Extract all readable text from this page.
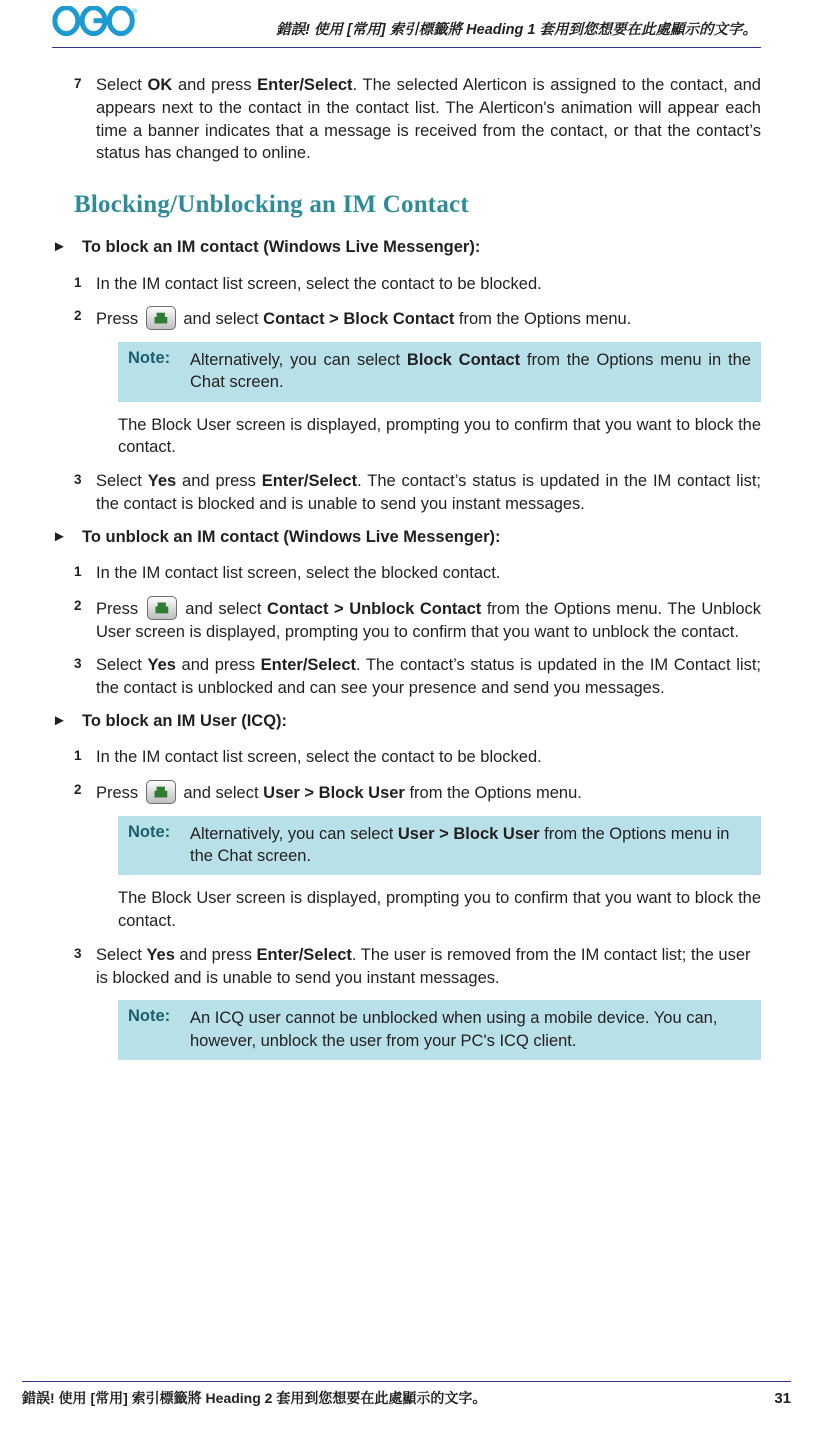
®
錯誤! 使用 [常用] 索引標籤將 Heading 1 套用到您想要在此處顯示的文字。
7 Select OK and press Enter/Select. The selected Alerticon is assigned to the contact, and appears next to the contact in the contact list. The Alerticon's animation will appear each time a banner indicates that a message is received from the contact, or that the contact’s status has changed to online.
Blocking/Unblocking an IM Contact
► To block an IM contact (Windows Live Messenger):
1 In the IM contact list screen, select the contact to be blocked.
2 Press  and select Contact > Block Contact from the Options menu.
Note:	Alternatively, you can select Block Contact from the Options menu in the Chat screen.
The Block User screen is displayed, prompting you to confirm that you want to block the contact.
3 Select Yes and press Enter/Select. The contact’s status is updated in the IM contact list; the contact is blocked and is unable to send you instant messages.
► To unblock an IM contact (Windows Live Messenger):
1 In the IM contact list screen, select the blocked contact.
2 Press  and select Contact > Unblock Contact from the Options menu. The Unblock User screen is displayed, prompting you to confirm that you want to unblock the contact.
3 Select Yes and press Enter/Select. The contact’s status is updated in the IM Contact list; the contact is unblocked and can see your presence and send you messages.
► To block an IM User (ICQ):
1 In the IM contact list screen, select the contact to be blocked.
2 Press  and select User > Block User from the Options menu.
Note:	Alternatively, you can select User > Block User from the Options menu in the Chat screen.
The Block User screen is displayed, prompting you to confirm that you want to block the contact.
3 Select Yes and press Enter/Select. The user is removed from the IM contact list; the user is blocked and is unable to send you instant messages.
Note:	An ICQ user cannot be unblocked when using a mobile device. You can, however, unblock the user from your PC's ICQ client.
錯誤! 使用 [常用] 索引標籤將 Heading 2 套用到您想要在此處顯示的文字。	31
